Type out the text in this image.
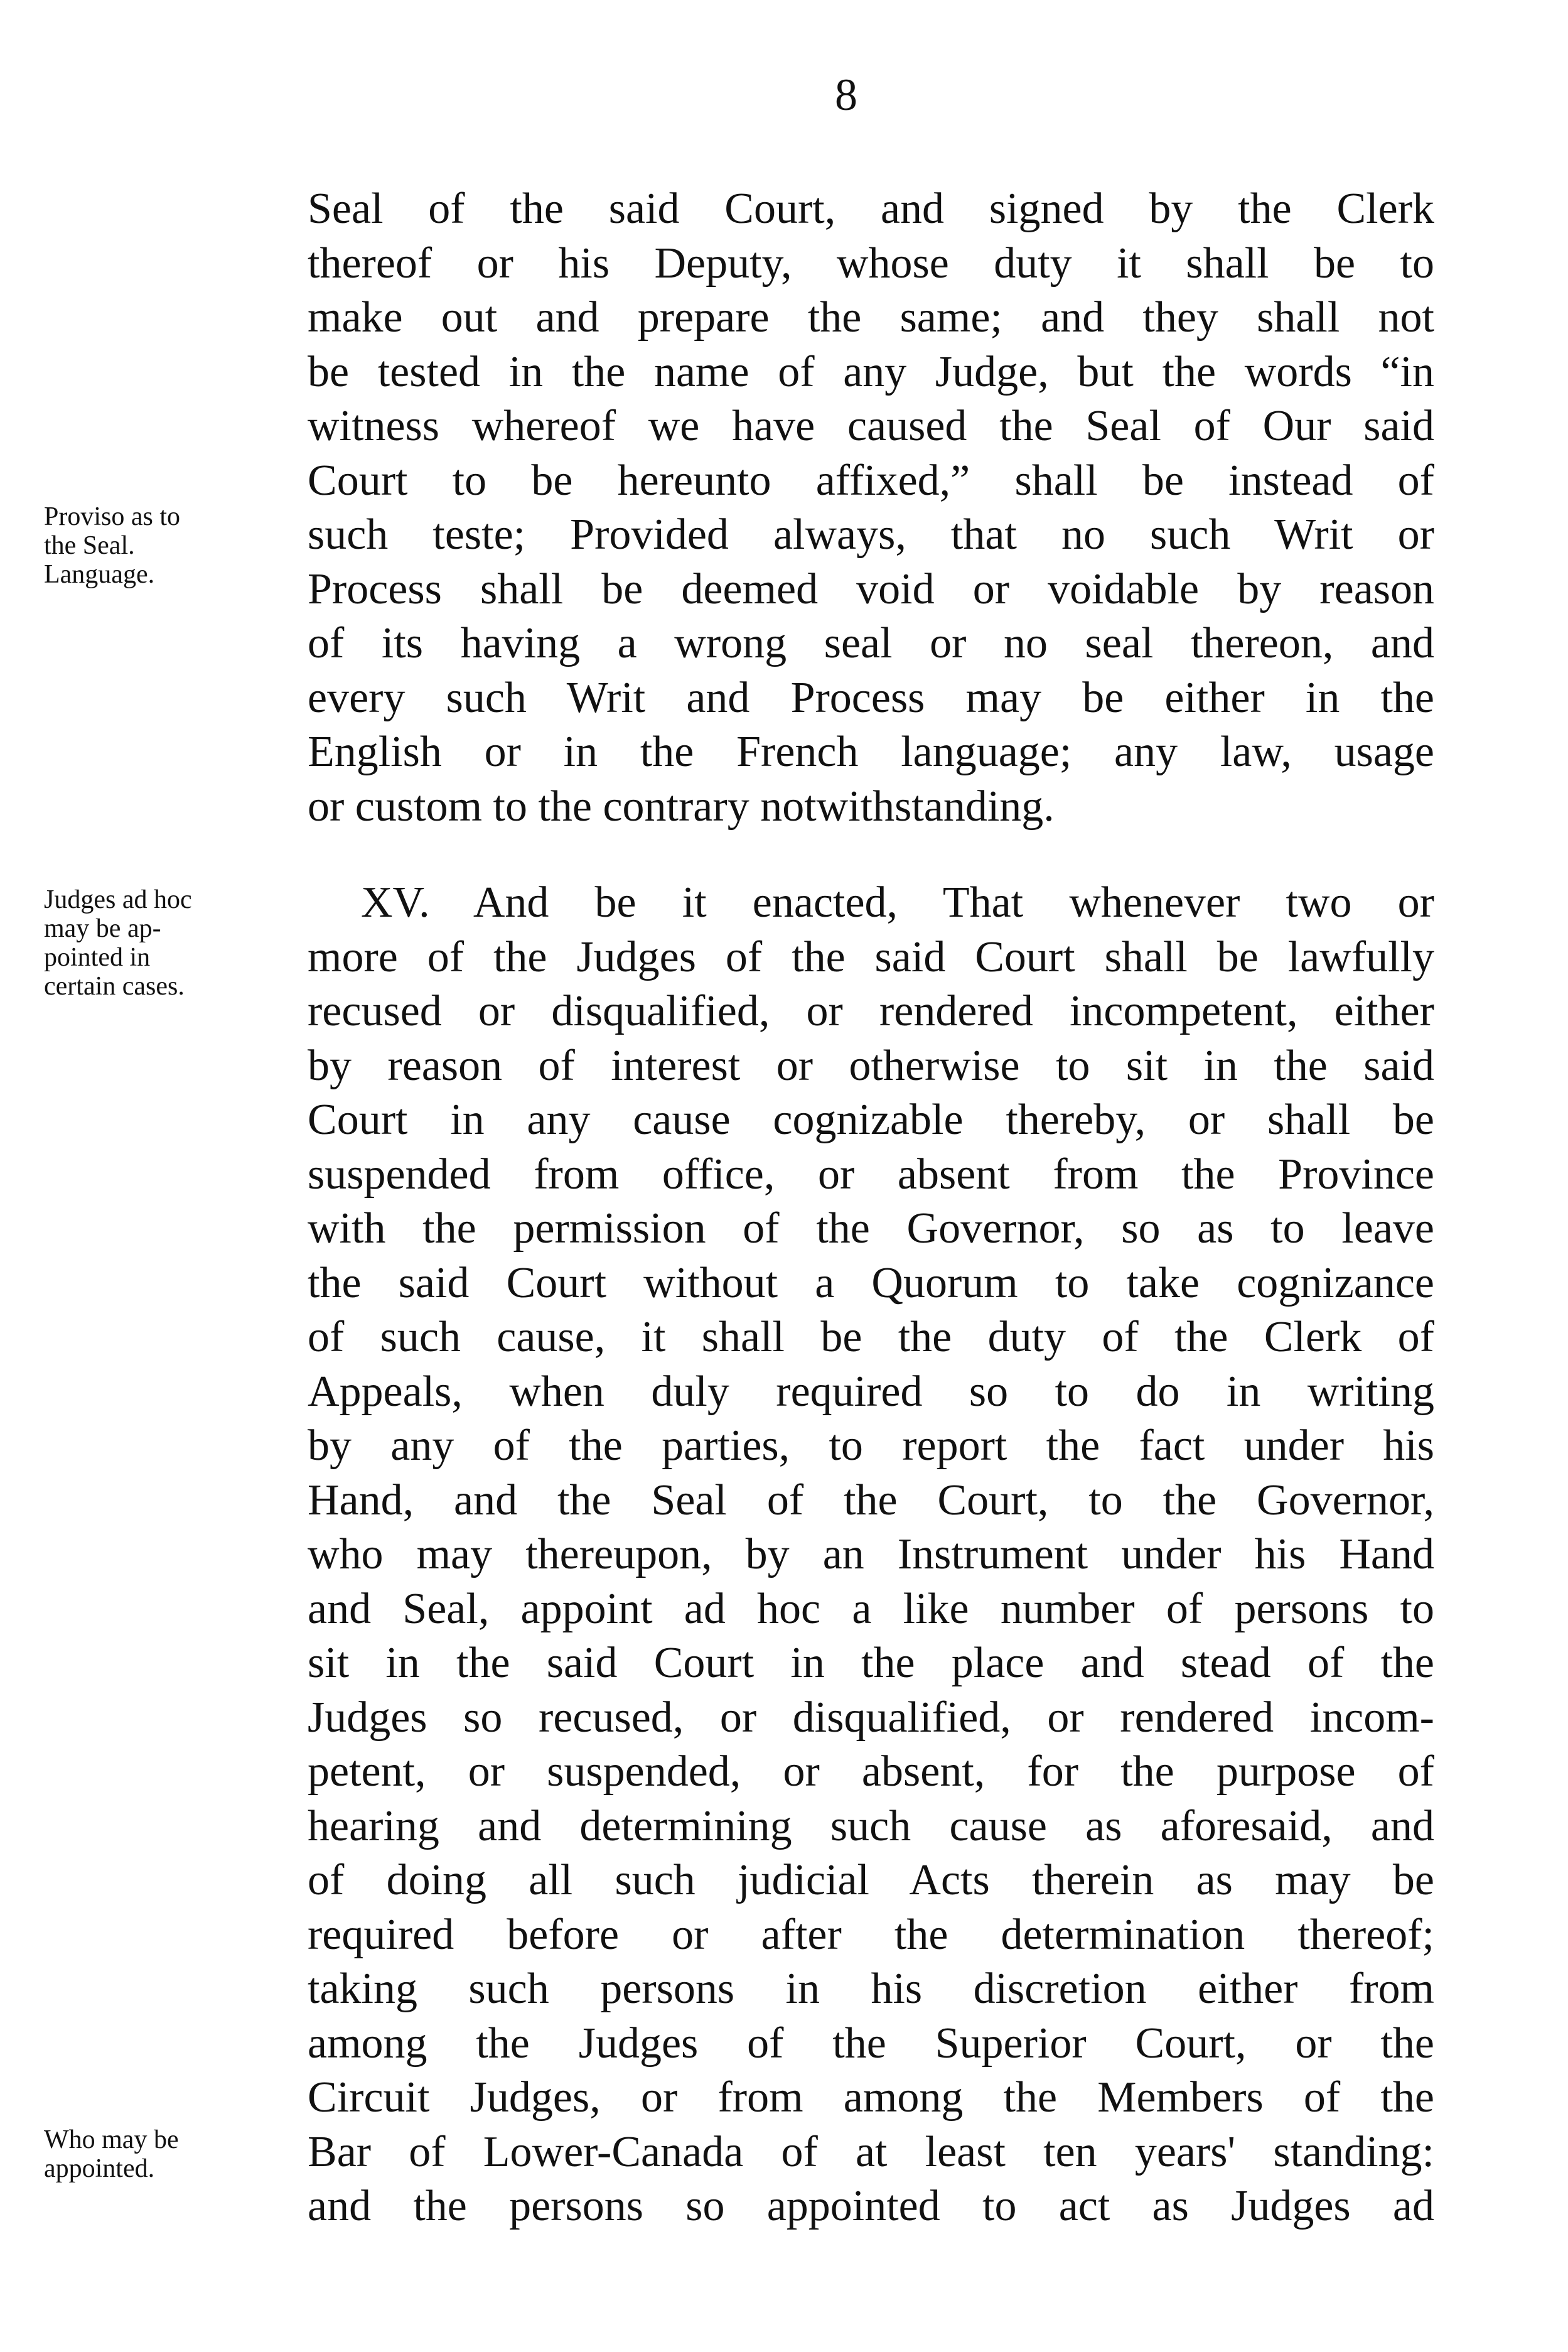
8
Proviso as to
the Seal.
Language.
Judges ad hoc
may be ap-
pointed in
certain cases.
Who may be
appointed.
Seal of the said Court, and signed by the Clerk
thereof or his Deputy, whose duty it shall be to
make out and prepare the same; and they shall not
be tested in the name of any Judge, but the words “in
witness whereof we have caused the Seal of Our said
Court to be hereunto affixed,” shall be instead of
such teste; Provided always, that no such Writ or
Process shall be deemed void or voidable by reason
of its having a wrong seal or no seal thereon, and
every such Writ and Process may be either in the
English or in the French language; any law, usage
or custom to the contrary notwithstanding.
XV. And be it enacted, That whenever two or
more of the Judges of the said Court shall be lawfully
recused or disqualified, or rendered incompetent, either
by reason of interest or otherwise to sit in the said
Court in any cause cognizable thereby, or shall be
suspended from office, or absent from the Province
with the permission of the Governor, so as to leave
the said Court without a Quorum to take cognizance
of such cause, it shall be the duty of the Clerk of
Appeals, when duly required so to do in writing
by any of the parties, to report the fact under his
Hand, and the Seal of the Court, to the Governor,
who may thereupon, by an Instrument under his Hand
and Seal, appoint ad hoc a like number of persons to
sit in the said Court in the place and stead of the
Judges so recused, or disqualified, or rendered incom-
petent, or suspended, or absent, for the purpose of
hearing and determining such cause as aforesaid, and
of doing all such judicial Acts therein as may be
required before or after the determination thereof;
taking such persons in his discretion either from
among the Judges of the Superior Court, or the
Circuit Judges, or from among the Members of the
Bar of Lower-Canada of at least ten years' standing:
and the persons so appointed to act as Judges ad
